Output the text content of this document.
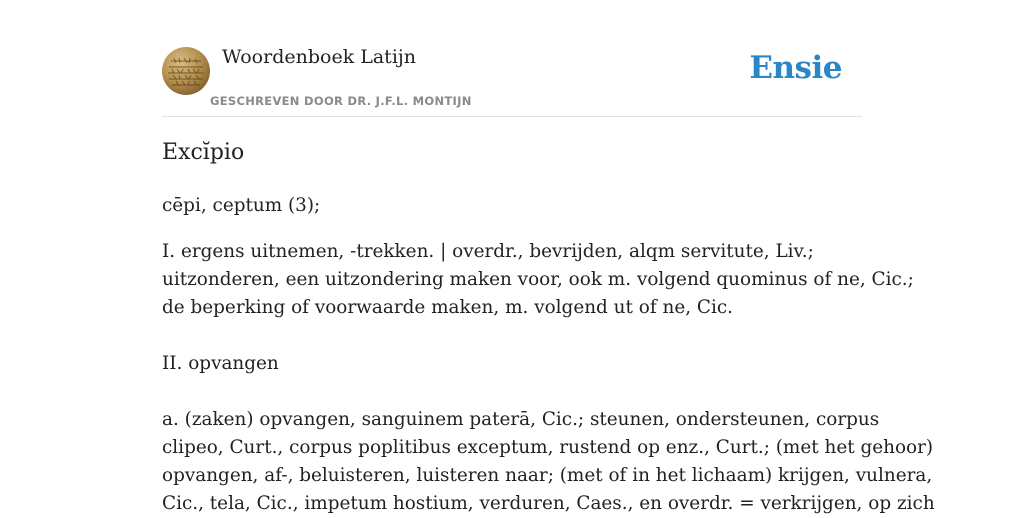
Woordenboek Latijn
GESCHREVEN DOOR DR. J.F.L. MONTIJN
Ensie
Excĭpio

cēpi, ceptum (3);

I. ergens uitnemen, -trekken. | overdr., bevrijden, alqm servitute, Liv.;

uitzonderen, een uitzondering maken voor, ook m. volgend quominus of ne, Cic.;

de beperking of voorwaarde maken, m. volgend ut of ne, Cic.

II. opvangen

a. (zaken) opvangen, sanguinem paterā, Cic.; steunen, ondersteunen, corpus

clipeo, Curt., corpus poplitibus exceptum, rustend op enz., Curt.; (met het gehoor)

opvangen, af-, beluisteren, luisteren naar; (met of in het lichaam) krijgen, vulnera,

Cic., tela, Cic., impetum hostium, verduren, Caes., en overdr. = verkrijgen, op zich
